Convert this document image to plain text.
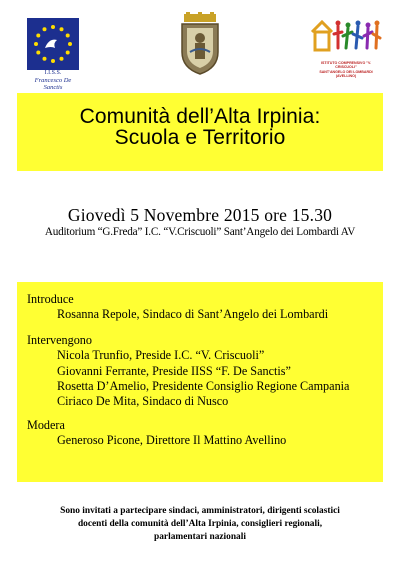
I.I.S.S.
Francesco De Sanctis
ISTITUTO COMPRENSIVO "V. CRISCUOLI"
SANT'ANGELO DEI LOMBARDI (AVELLINO)
Comunità dell’Alta Irpinia:
Scuola e Territorio
Giovedì 5 Novembre 2015 ore 15.30
Auditorium “G.Freda” I.C. “V.Criscuoli” Sant’Angelo dei Lombardi AV
Introduce
Rosanna Repole, Sindaco di Sant’Angelo dei Lombardi
Intervengono
Nicola Trunfio, Preside I.C. “V. Criscuoli”
Giovanni Ferrante, Preside IISS “F. De Sanctis”
Rosetta D’Amelio, Presidente Consiglio Regione Campania
Ciriaco De Mita, Sindaco di Nusco
Modera
Generoso Picone, Direttore Il Mattino Avellino
Sono invitati a partecipare sindaci, amministratori, dirigenti scolastici
docenti della comunità dell’Alta Irpinia, consiglieri regionali,
parlamentari nazionali
